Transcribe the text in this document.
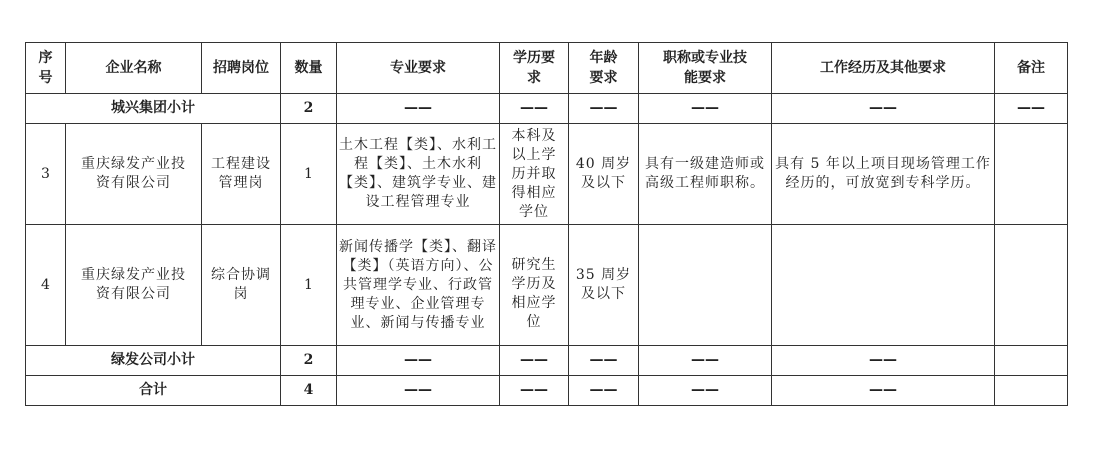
序号	企业名称	招聘岗位	数量	专业要求	学历要求	年龄要求	职称或专业技能要求	工作经历及其他要求	备注
城兴集团小计			2	——	——	——	——	——	——
3	重庆绿发产业投资有限公司	工程建设管理岗	1	土木工程【类】、水利工程【类】、土木水利【类】、建筑学专业、建设工程管理专业	本科及以上学历并取得相应学位	40 周岁及以下	具有一级建造师或高级工程师职称。	具有 5 年以上项目现场管理工作经历的，可放宽到专科学历。	
4	重庆绿发产业投资有限公司	综合协调岗	1	新闻传播学【类】、翻译【类】（英语方向）、公共管理学专业、行政管理专业、企业管理专业、新闻与传播专业	研究生学历及相应学位	35 周岁及以下			

绿发公司小计			2	——	——	——	——	——	
合计			4	——	——	——	——	——	
